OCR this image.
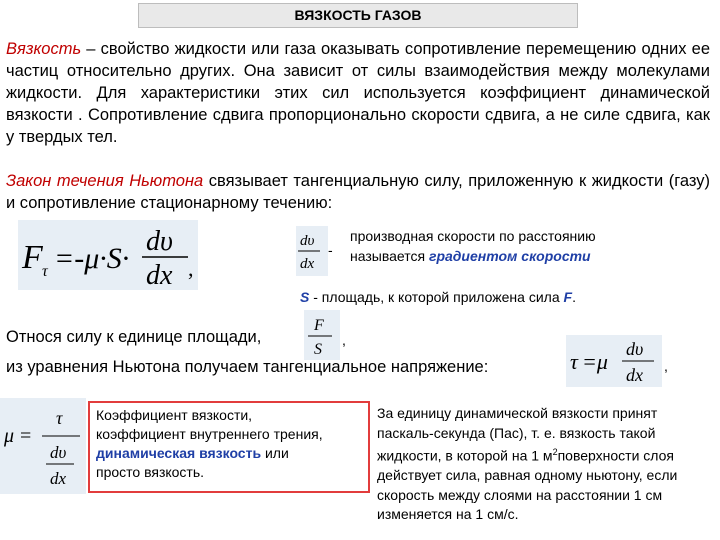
ВЯЗКОСТЬ ГАЗОВ
Вязкость – свойство жидкости или газа оказывать сопротивление перемещению одних ее частиц относительно других. Она зависит от силы взаимодействия между молекулами жидкости. Для характеристики этих сил используется коэффициент динамической вязкости . Сопротивление сдвига пропорционально скорости сдвига, а не силе сдвига, как у твердых тел.
Закон течения Ньютона связывает тангенциальную силу, приложенную к жидкости (газу) и сопротивление стационарному течению:
F τ =-μ·S·
dυ
dx ,
dυ
dx
-
производная скорости по расстоянию
называется градиентом скорости
S - площадь, к которой приложена сила F.
Относя силу к единице площади,
F
S
,
из уравнения Ньютона получаем тангенциальное напряжение:	τ =μ dυ
dx ,
μ =
τ
dυ
dx
Коэффициент вязкости,
коэффициент внутреннего трения,
динамическая вязкость или
просто вязкость.
За единицу динамической вязкости принят паскаль-секунда (Пас), т. е. вязкость такой жидкости, в которой на 1 $м^2поверхности$ слоя действует сила, равная одному ньютону, если скорость между слоями на расстоянии 1 см изменяется на 1 см/с.
